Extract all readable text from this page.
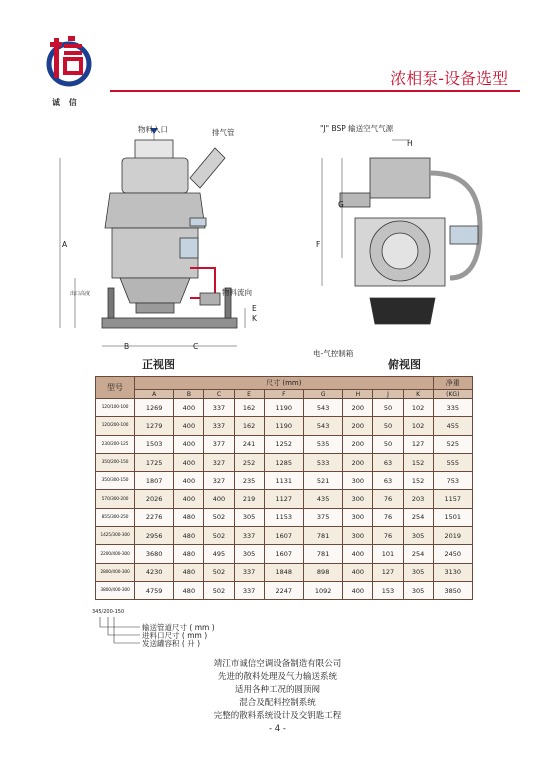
诚 信
浓相泵-设备选型
物料入口	排气管
物料流向
A
B	C
E
K
出口高度
正视图
"J" BSP 输送空气气源
H
G
F
电-气控制箱
俯视图
型号	尺寸 (mm)									净重
	A	B	C	E	F	G	H	J	K	(KG)
120/100-100	1269	400	337	162	1190	543	200	50	102	335
120/200-100	1279	400	337	162	1190	543	200	50	102	455
230/200-125	1503	400	377	241	1252	535	200	50	127	525
350/200-150	1725	400	327	252	1285	533	200	63	152	555
350/300-150	1807	400	327	235	1131	521	300	63	152	753
570/300-200	2026	400	400	219	1127	435	300	76	203	1157
855/300-250	2276	480	502	305	1153	375	300	76	254	1501
1425/300-300	2956	480	502	337	1607	781	300	76	305	2019
2200/400-300	3680	480	495	305	1607	781	400	101	254	2450
2800/400-300	4230	480	502	337	1848	898	400	127	305	3130
3800/400-300	4759	480	502	337	2247	1092	400	153	305	3850
345/200-150
输送管道尺寸 ( mm )
进料口尺寸 ( mm )
发送罐容积 ( 升 )
靖江市诚信空调设备制造有限公司
先进的散料处理及气力输送系统
适用各种工况的圆顶阀
混合及配料控制系统
完整的散料系统设计及交钥匙工程
- 4 -
